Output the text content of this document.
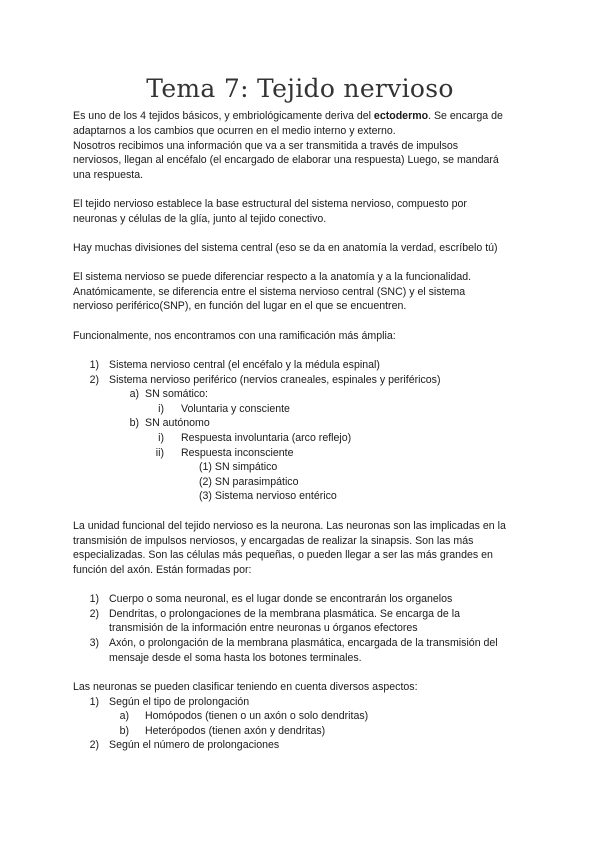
Tema 7: Tejido nervioso
Es uno de los 4 tejidos básicos, y embriológicamente deriva del ectodermo. Se encarga de
adaptarnos a los cambios que ocurren en el medio interno y externo.
Nosotros recibimos una información que va a ser transmitida a través de impulsos
nerviosos, llegan al encéfalo (el encargado de elaborar una respuesta) Luego, se mandará
una respuesta.
El tejido nervioso establece la base estructural del sistema nervioso, compuesto por
neuronas y células de la glía, junto al tejido conectivo.
Hay muchas divisiones del sistema central (eso se da en anatomía la verdad, escríbelo tú)
El sistema nervioso se puede diferenciar respecto a la anatomía y a la funcionalidad.
Anatómicamente, se diferencia entre el sistema nervioso central (SNC) y el sistema
nervioso periférico(SNP), en función del lugar en el que se encuentren.
Funcionalmente, nos encontramos con una ramificación más ámplia:
1) Sistema nervioso central (el encéfalo y la médula espinal)
2) Sistema nervioso periférico (nervios craneales, espinales y periféricos)
a) SN somático:
i) Voluntaria y consciente
b) SN autónomo
i) Respuesta involuntaria (arco reflejo)
ii) Respuesta inconsciente
(1) SN simpático
(2) SN parasimpático
(3) Sistema nervioso entérico
La unidad funcional del tejido nervioso es la neurona. Las neuronas son las implicadas en la
transmisión de impulsos nerviosos, y encargadas de realizar la sinapsis. Son las más
especializadas. Son las células más pequeñas, o pueden llegar a ser las más grandes en
función del axón. Están formadas por:
1) Cuerpo o soma neuronal, es el lugar donde se encontrarán los organelos
2) Dendritas, o prolongaciones de la membrana plasmática. Se encarga de la
transmisión de la información entre neuronas u órganos efectores
3) Axón, o prolongación de la membrana plasmática, encargada de la transmisión del
mensaje desde el soma hasta los botones terminales.
Las neuronas se pueden clasificar teniendo en cuenta diversos aspectos:
1) Según el tipo de prolongación
a) Homópodos (tienen o un axón o solo dendritas)
b) Heterópodos (tienen axón y dendritas)
2) Según el número de prolongaciones
